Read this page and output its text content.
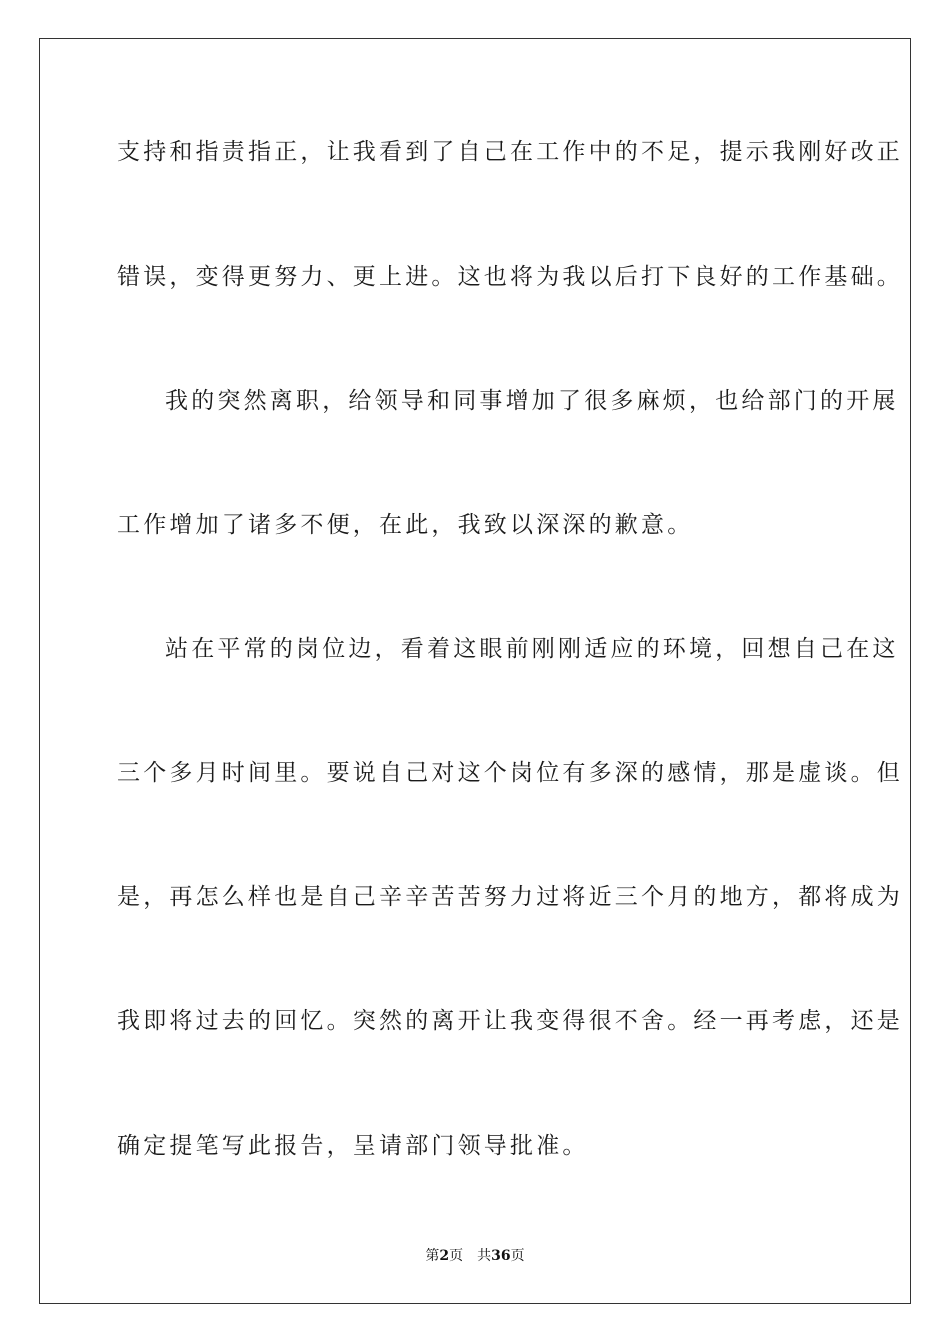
支持和指责指正，让我看到了自己在工作中的不足，提示我刚好改正
错误，变得更努力、更上进。这也将为我以后打下良好的工作基础。
我的突然离职，给领导和同事增加了很多麻烦，也给部门的开展
工作增加了诸多不便，在此，我致以深深的歉意。
站在平常的岗位边，看着这眼前刚刚适应的环境，回想自己在这
三个多月时间里。要说自己对这个岗位有多深的感情，那是虚谈。但
是，再怎么样也是自己辛辛苦苦努力过将近三个月的地方，都将成为
我即将过去的回忆。突然的离开让我变得很不舍。经一再考虑，还是
确定提笔写此报告，呈请部门领导批准。
第2页 共36页
